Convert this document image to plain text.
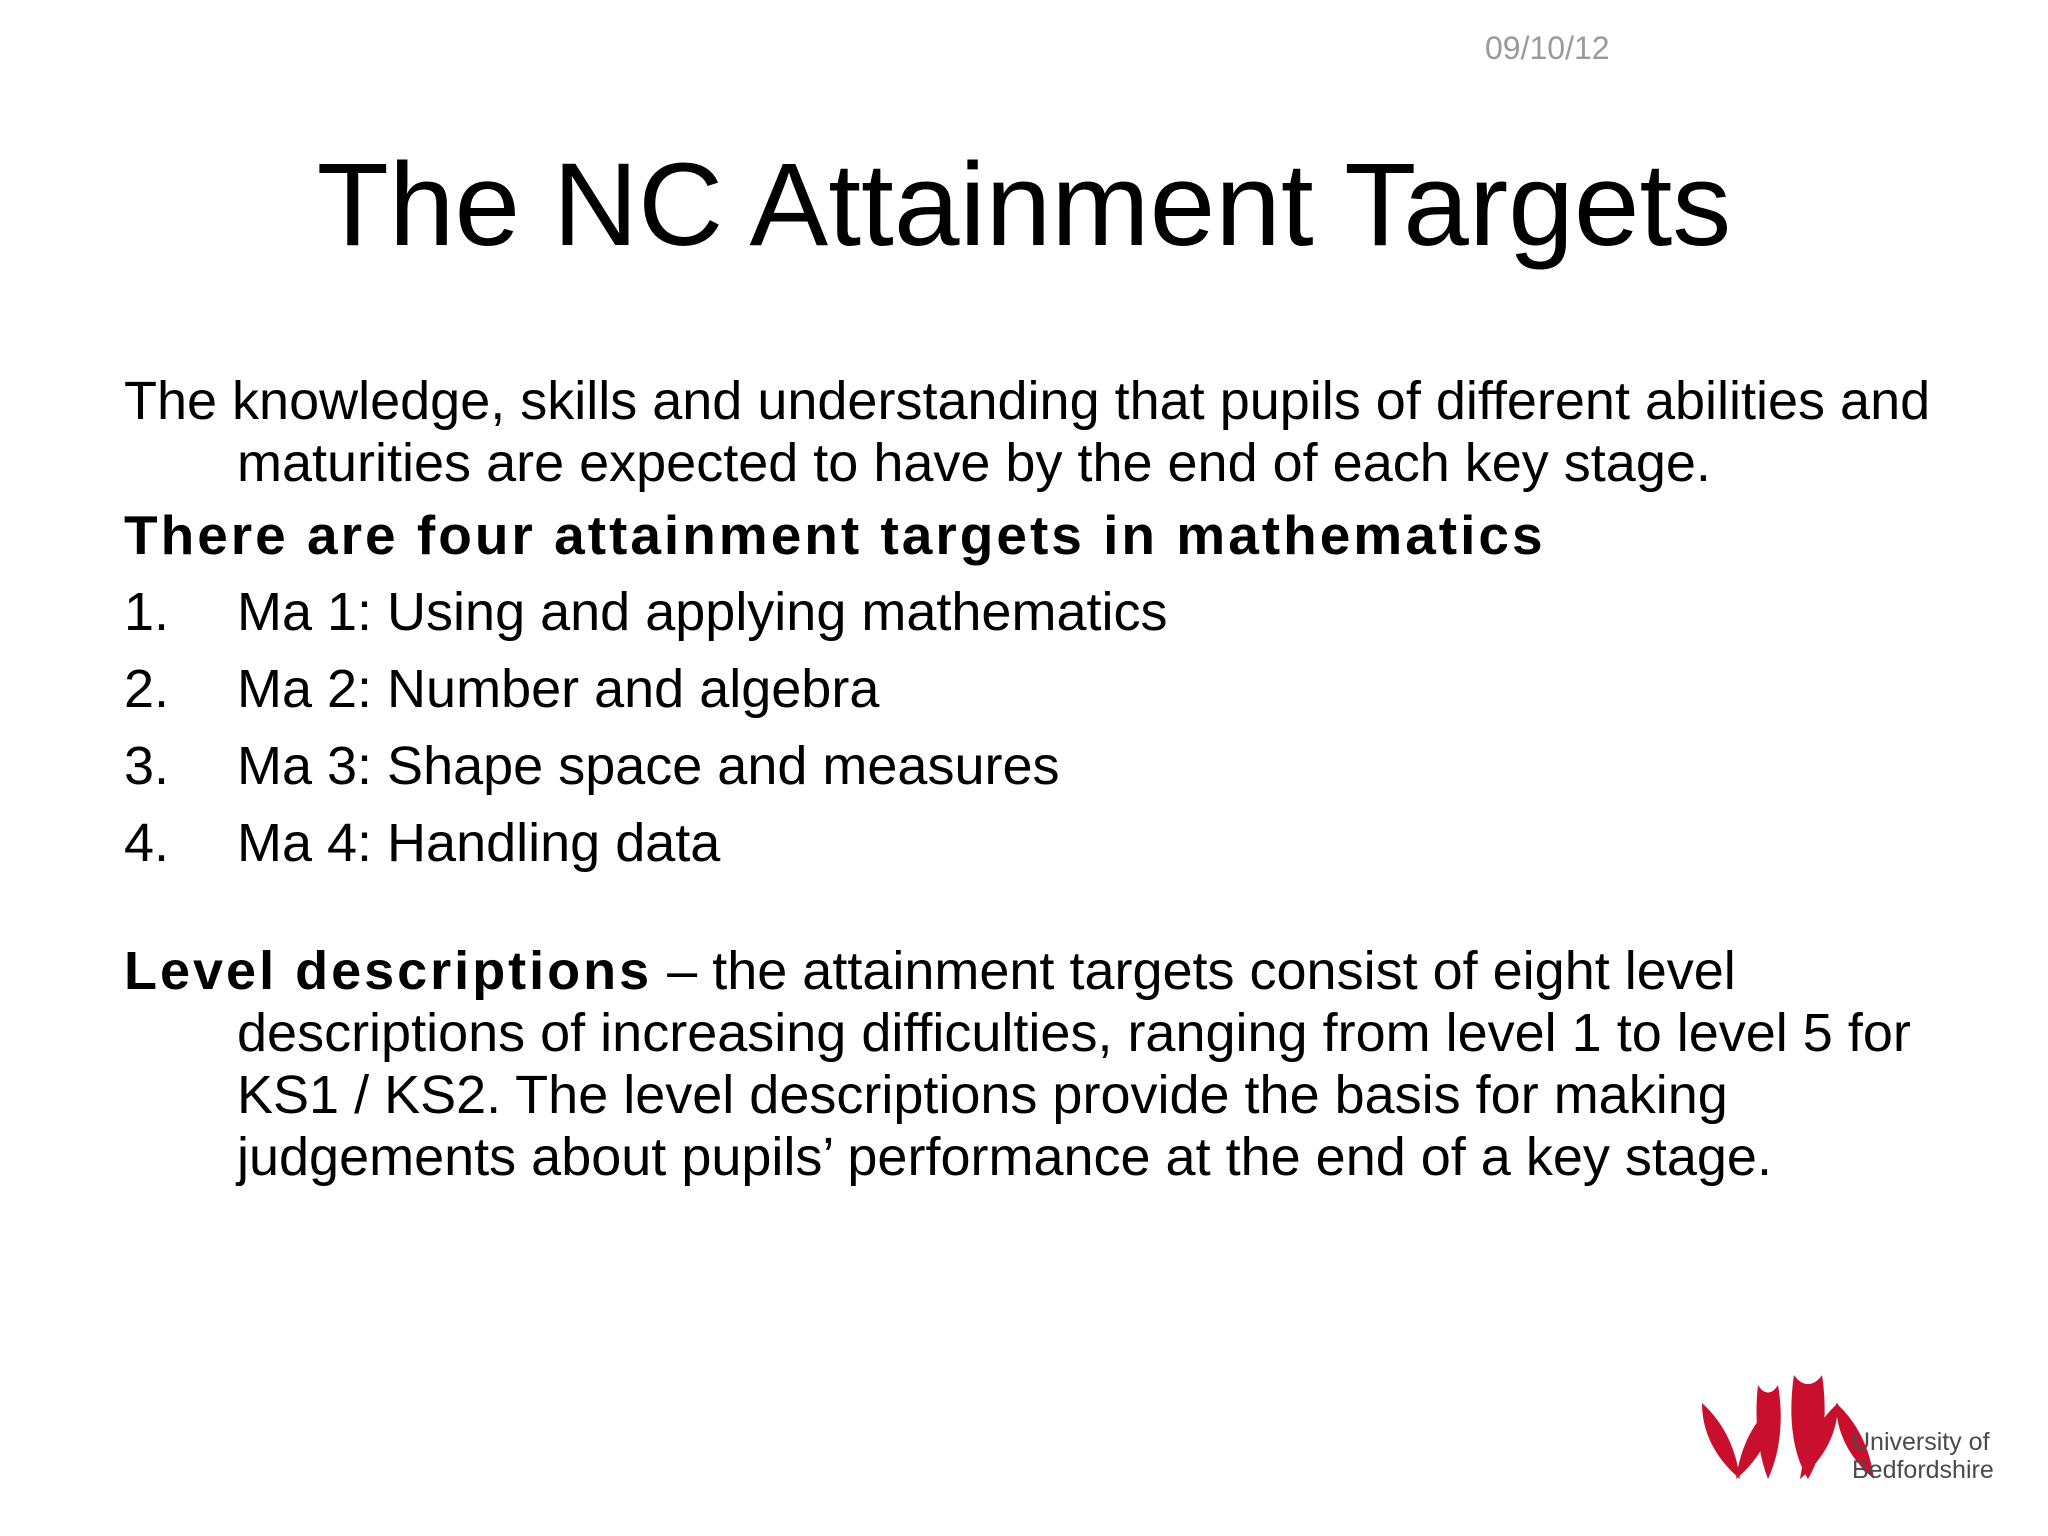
09/10/12
The NC Attainment Targets

The knowledge, skills and understanding that pupils of different abilities and maturities are expected to have by the end of each key stage.

There are four attainment targets in mathematics

1. Ma 1: Using and applying mathematics
2. Ma 2: Number and algebra
3. Ma 3: Shape space and measures
4. Ma 4: Handling data

Level descriptions – the attainment targets consist of eight level descriptions of increasing difficulties, ranging from level 1 to level 5 for KS1 / KS2. The level descriptions provide the basis for making judgements about pupils’ performance at the end of a key stage.

University of
Bedfordshire
